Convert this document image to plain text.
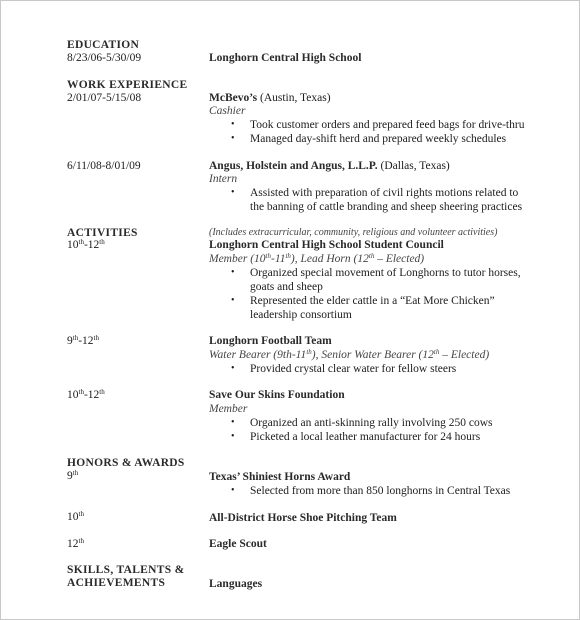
EDUCATION
8/23/06-5/30/09	Longhorn Central High School
WORK EXPERIENCE
2/01/07-5/15/08	McBevo’s (Austin, Texas)
Cashier
• Took customer orders and prepared feed bags for drive-thru
• Managed day-shift herd and prepared weekly schedules
6/11/08-8/01/09	Angus, Holstein and Angus, L.L.P. (Dallas, Texas)
Intern
• Assisted with preparation of civil rights motions related to
the banning of cattle branding and sheep sheering practices
ACTIVITIES	(Includes extracurricular, community, religious and volunteer activities)
10th-12th	Longhorn Central High School Student Council
Member (10th-11th), Lead Horn (12th – Elected)
• Organized special movement of Longhorns to tutor horses,
goats and sheep
• Represented the elder cattle in a “Eat More Chicken”
leadership consortium
9th-12th	Longhorn Football Team
Water Bearer (9th-11th), Senior Water Bearer (12th – Elected)
• Provided crystal clear water for fellow steers
10th-12th	Save Our Skins Foundation
Member
• Organized an anti-skinning rally involving 250 cows
• Picketed a local leather manufacturer for 24 hours
HONORS & AWARDS
9th	Texas’ Shiniest Horns Award
• Selected from more than 850 longhorns in Central Texas
10th	All-District Horse Shoe Pitching Team
12th	Eagle Scout
SKILLS, TALENTS &
ACHIEVEMENTS	Languages
